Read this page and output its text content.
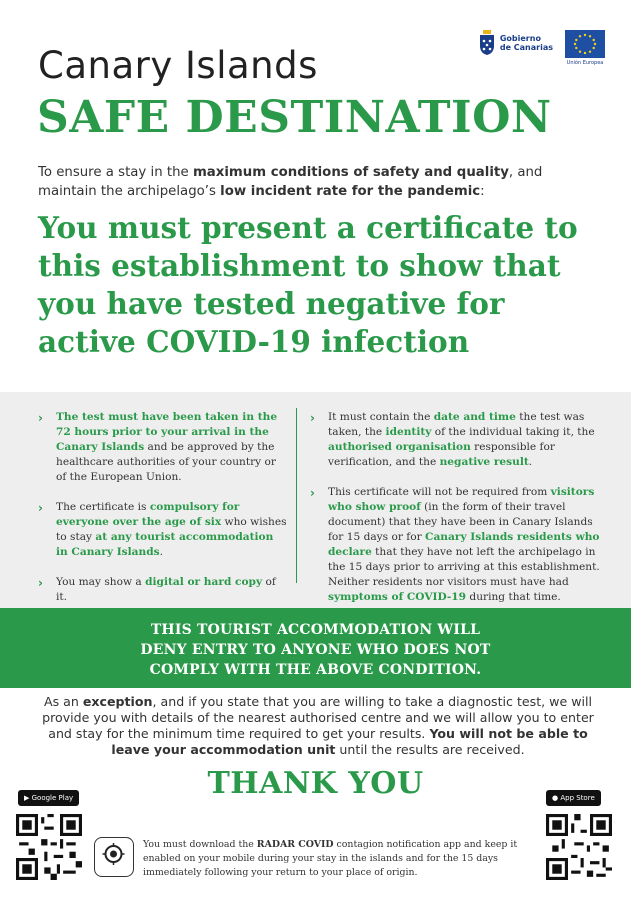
Canary Islands
SAFE DESTINATION
Gobierno
de Canarias
Unión Europea
To ensure a stay in the maximum conditions of safety and quality, and maintain the archipelago’s low incident rate for the pandemic:
You must present a certificate to this establishment to show that you have tested negative for active COVID-19 infection
› The test must have been taken in the 72 hours prior to your arrival in the Canary Islands and be approved by the healthcare authorities of your country or of the European Union.
› The certificate is compulsory for everyone over the age of six who wishes to stay at any tourist accommodation in Canary Islands.
› You may show a digital or hard copy of it.
› It must contain the date and time the test was taken, the identity of the individual taking it, the authorised organisation responsible for verification, and the negative result.
› This certificate will not be required from visitors who show proof (in the form of their travel document) that they have been in Canary Islands for 15 days or for Canary Islands residents who declare that they have not left the archipelago in the 15 days prior to arriving at this establishment. Neither residents nor visitors must have had symptoms of COVID-19 during that time.
THIS TOURIST ACCOMMODATION WILL
DENY ENTRY TO ANYONE WHO DOES NOT
COMPLY WITH THE ABOVE CONDITION.
As an exception, and if you state that you are willing to take a diagnostic test, we will provide you with details of the nearest authorised centre and we will allow you to enter and stay for the minimum time required to get your results. You will not be able to leave your accommodation unit until the results are received.
THANK YOU
▶ Google Play	● App Store
You must download the RADAR COVID contagion notification app and keep it enabled on your mobile during your stay in the islands and for the 15 days immediately following your return to your place of origin.
